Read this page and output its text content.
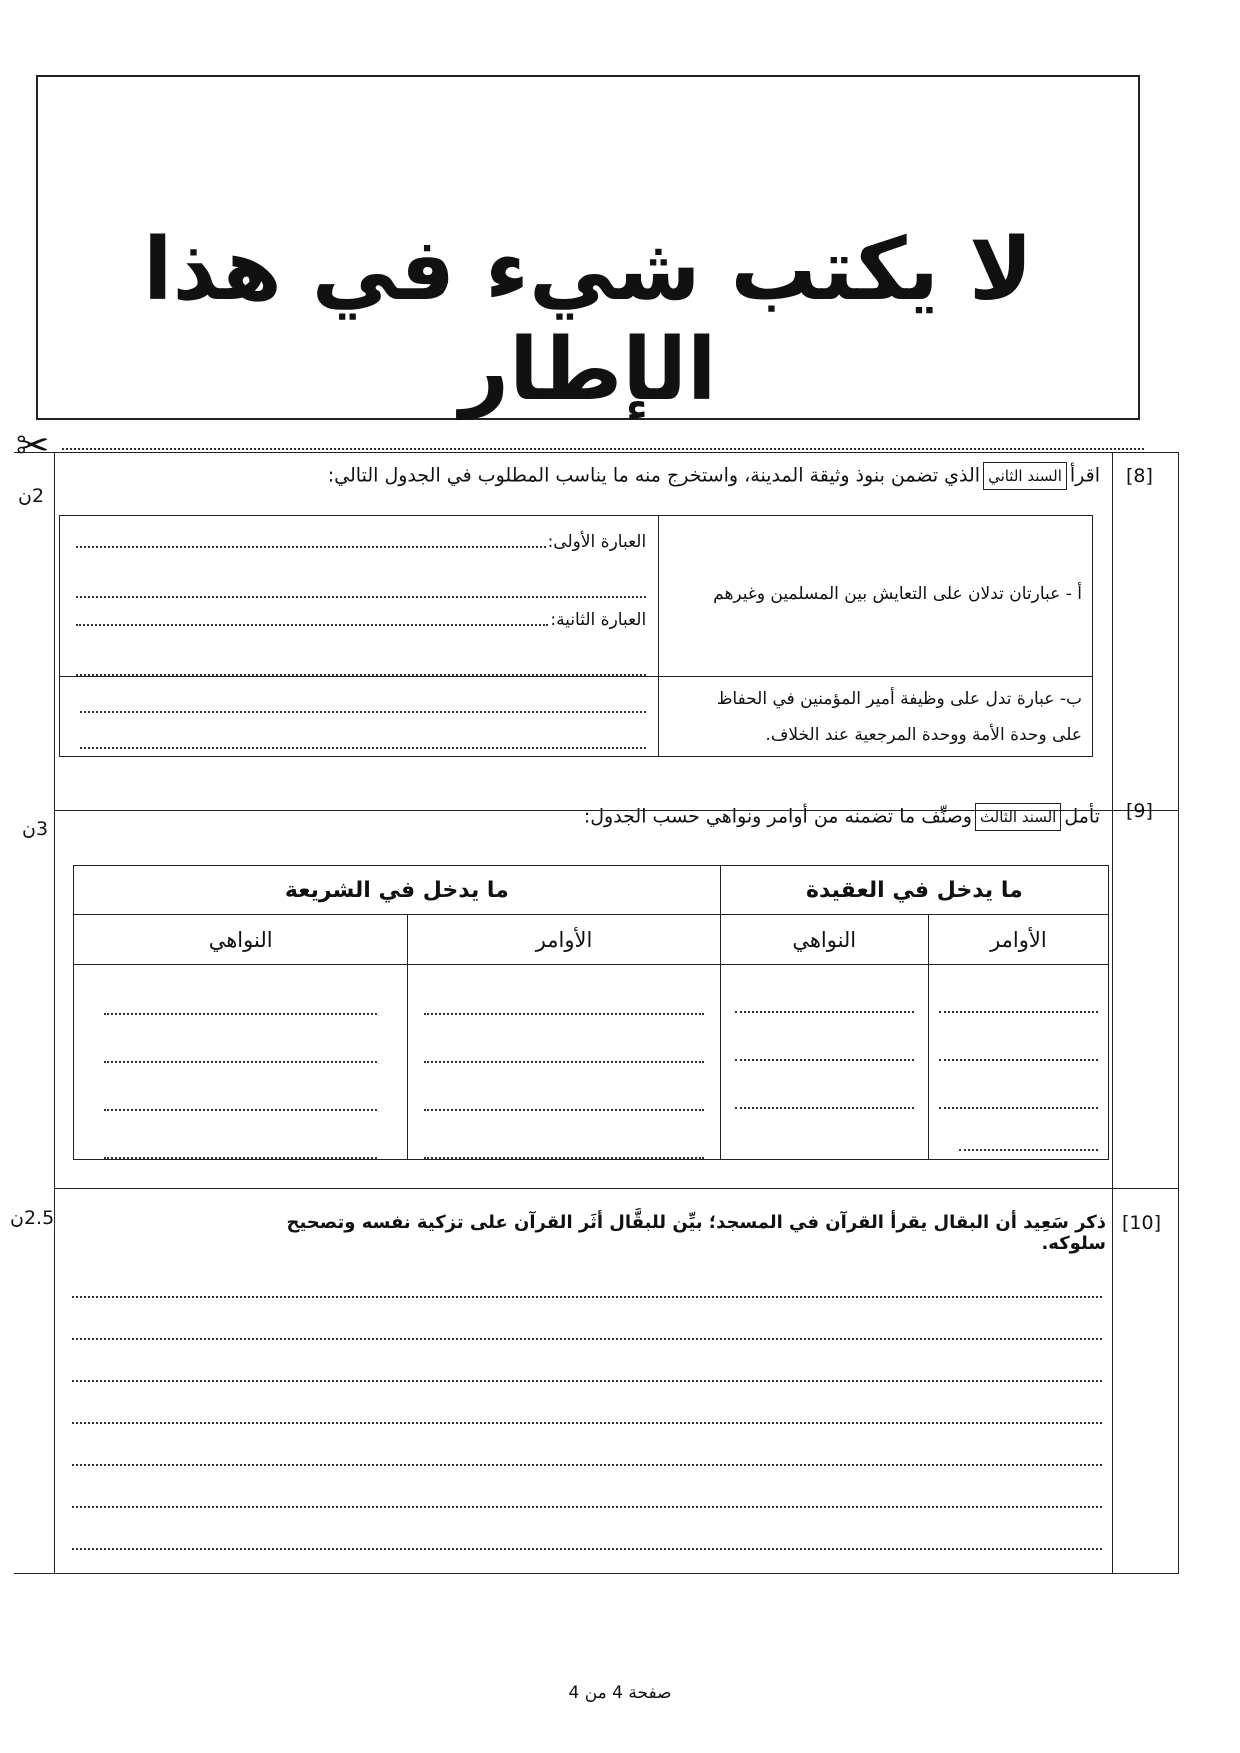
لا يكتب شيء في هذا الإطار
✂
[8]
2ن
اقرأالسند الثانيالذي تضمن بنوذ وثيقة المدينة، واستخرج منه ما يناسب المطلوب في الجدول التالي:
أ - عبارتان تدلان على التعايش بين المسلمين وغيرهم	العبارة الأولى:
العبارة الثانية:

ب- عبارة تدل على وظيفة أمير المؤمنين في الحفاظ
على وحدة الأمة ووحدة المرجعية عند الخلاف.	

[9]
3ن
تأملالسند الثالثوصنِّف ما تضمنه من أوامر ونواهي حسب الجدول:
ما يدخل في العقيدة		ما يدخل في الشريعة	
الأوامر	النواهي	الأوامر	النواهي

[10]
2.5ن	ذكر سَعِيد أن البقال يقرأ القرآن في المسجد؛ بيِّن للبقَّال أثَر القرآن على تزكية نفسه وتصحيح سلوكه.
صفحة 4 من 4
